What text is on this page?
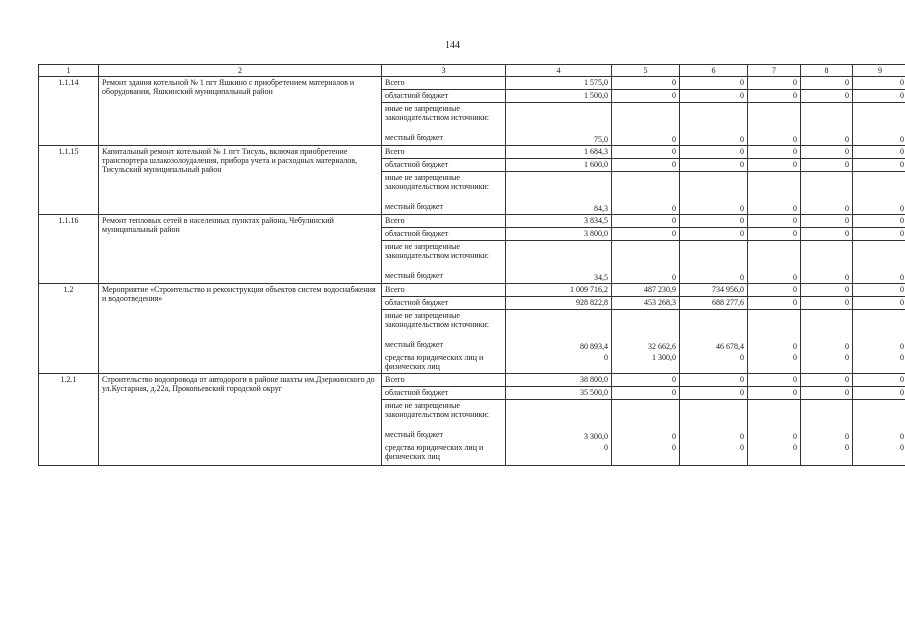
144
1	2	3	4	5	6	7	8	9
1.1.14	Ремонт здания котельной № 1 пгт Яшкино с приобретением материалов и оборудования, Яшкинский муниципальный район	Всего	1 575,0	0	0	0	0	0
		областной бюджет	1 500,0	0	0	0	0	0
		иные не запрещенные законодательством источники:						
		местный бюджет	75,0	0	0	0	0	0
1.1.15	Капитальный ремонт котельной № 1 пгт Тисуль, включая приобретение транспортера шлакозолоудаления, прибора учета и расходных материалов, Тисульский муниципальный район	Всего	1 684,3	0	0	0	0	0
		областной бюджет	1 600,0	0	0	0	0	0
		иные не запрещенные законодательством источники:						
		местный бюджет	84,3	0	0	0	0	0
1.1.16	Ремонт тепловых сетей в населенных пунктах района, Чебулинский муниципальный район	Всего	3 834,5	0	0	0	0	0
		областной бюджет	3 800,0	0	0	0	0	0
		иные не запрещенные законодательством источники:						
		местный бюджет	34,5	0	0	0	0	0
1.2	Мероприятие «Строительство и реконструкция объектов систем водоснабжения и водоотведения»	Всего	1 009 716,2	487 230,9	734 956,0	0	0	0
		областной бюджет	928 822,8	453 268,3	688 277,6	0	0	0
		иные не запрещенные законодательством источники:						
		местный бюджет	80 893,4	32 662,6	46 678,4	0	0	0
		средства юридических лиц и физических лиц	0	1 300,0	0	0	0	0
1.2.1	Строительство водопровода от автодороги в районе шахты им.Дзержинского до ул.Кустарная, д.22а, Прокопьевский городской округ	Всего	38 800,0	0	0	0	0	0
		областной бюджет	35 500,0	0	0	0	0	0
		иные не запрещенные законодательством источники:						
		местный бюджет	3 300,0	0	0	0	0	0
		средства юридических лиц и физических лиц	0	0	0	0	0	0
